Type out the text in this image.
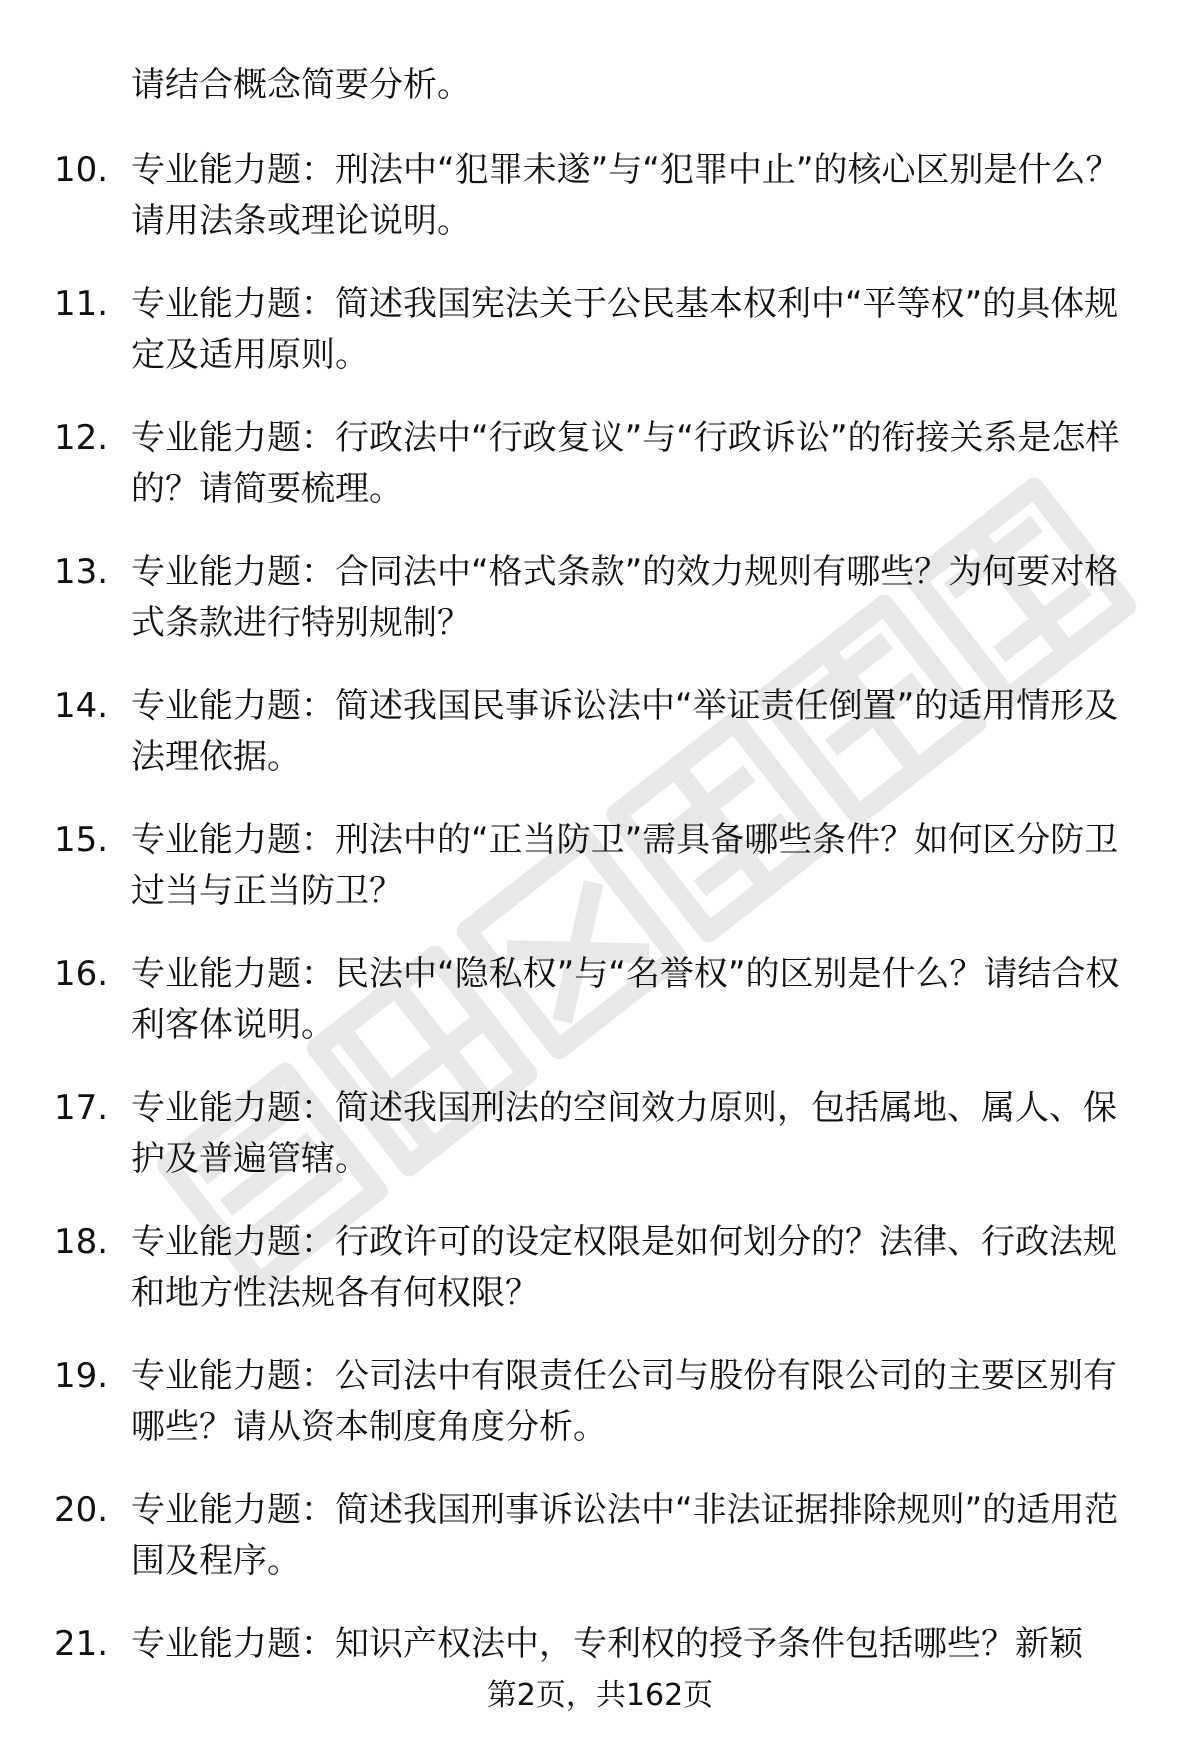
请结合概念简要分析。
10. 专业能力题：刑法中“犯罪未遂”与“犯罪中止”的核心区别是什么？请用法条或理论说明。
11. 专业能力题：简述我国宪法关于公民基本权利中“平等权”的具体规定及适用原则。
12. 专业能力题：行政法中“行政复议”与“行政诉讼”的衔接关系是怎样的？请简要梳理。
13. 专业能力题：合同法中“格式条款”的效力规则有哪些？为何要对格式条款进行特别规制？
14. 专业能力题：简述我国民事诉讼法中“举证责任倒置”的适用情形及法理依据。
15. 专业能力题：刑法中的“正当防卫”需具备哪些条件？如何区分防卫过当与正当防卫？
16. 专业能力题：民法中“隐私权”与“名誉权”的区别是什么？请结合权利客体说明。
17. 专业能力题：简述我国刑法的空间效力原则，包括属地、属人、保护及普遍管辖。
18. 专业能力题：行政许可的设定权限是如何划分的？法律、行政法规和地方性法规各有何权限？
19. 专业能力题：公司法中有限责任公司与股份有限公司的主要区别有哪些？请从资本制度角度分析。
20. 专业能力题：简述我国刑事诉讼法中“非法证据排除规则”的适用范围及程序。
21. 专业能力题：知识产权法中，专利权的授予条件包括哪些？新颖
第2页，共162页
